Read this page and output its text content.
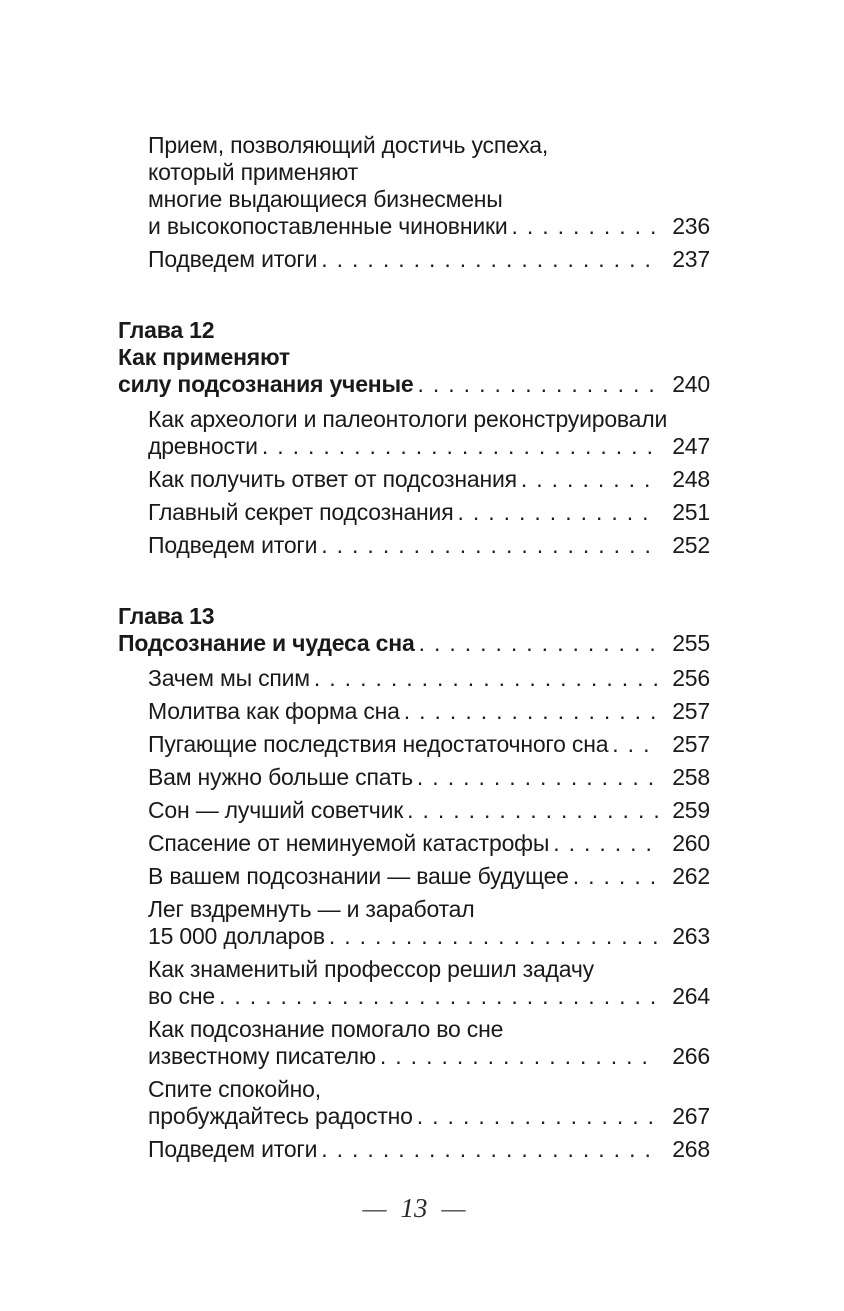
Прием, позволяющий достичь успеха,
который применяют
многие выдающиеся бизнесмены
и высокопоставленные чиновники .....	236
Подведем итоги .....	237
Глава 12
Как применяют
силу подсознания ученые .....	240
Как археологи и палеонтологи реконструировали
древности .....	247
Как получить ответ от подсознания .....	248
Главный секрет подсознания .....	251
Подведем итоги .....	252
Глава 13
Подсознание и чудеса сна .....	255
Зачем мы спим .....	256
Молитва как форма сна .....	257
Пугающие последствия недостаточного сна .....	257
Вам нужно больше спать .....	258
Сон — лучший советчик .....	259
Спасение от неминуемой катастрофы .....	260
В вашем подсознании — ваше будущее .....	262
Лег вздремнуть — и заработал
15 000 долларов .....	263
Как знаменитый профессор решил задачу
во сне .....	264
Как подсознание помогало во сне
известному писателю .....	266
Спите спокойно,
пробуждайтесь радостно .....	267
Подведем итоги .....	268
— 13 —
